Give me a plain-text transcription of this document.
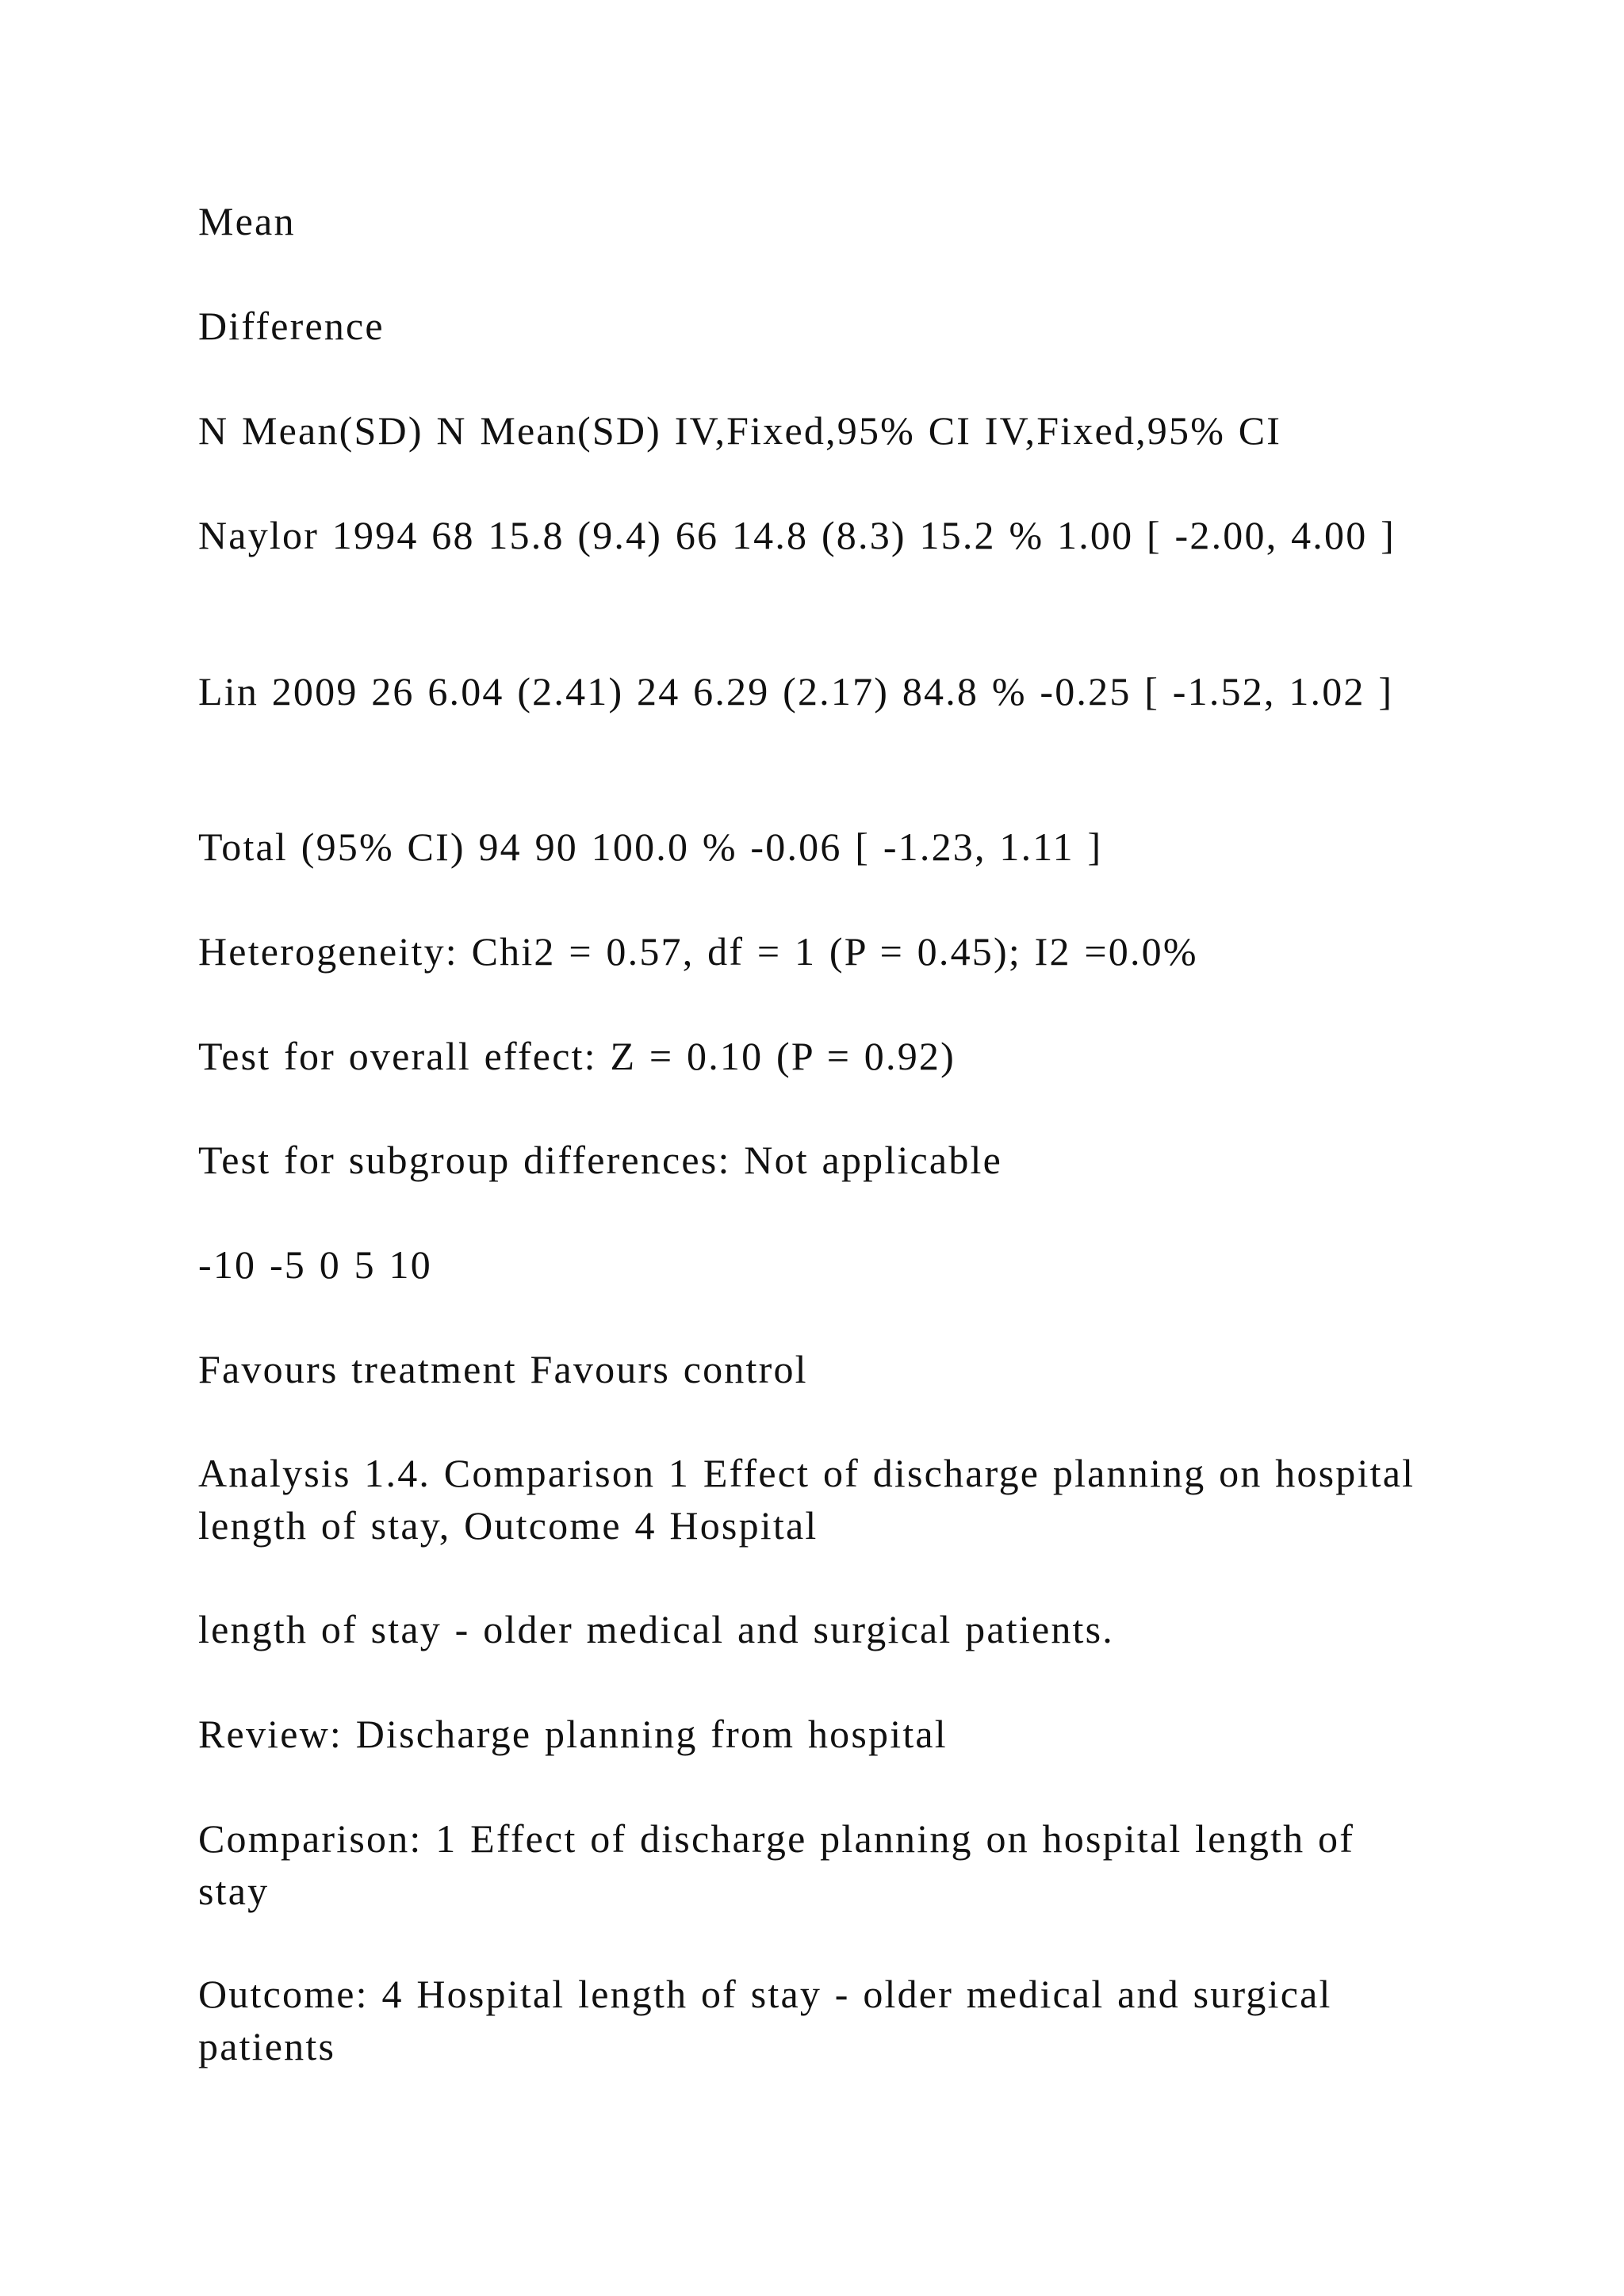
Mean

Difference

N Mean(SD) N Mean(SD) IV,Fixed,95% CI IV,Fixed,95% CI

Naylor 1994 68 15.8 (9.4) 66 14.8 (8.3) 15.2 % 1.00 [ -2.00, 4.00 ]

Lin 2009 26 6.04 (2.41) 24 6.29 (2.17) 84.8 % -0.25 [ -1.52, 1.02 ]

Total (95% CI) 94 90 100.0 % -0.06 [ -1.23, 1.11 ]

Heterogeneity: Chi2 = 0.57, df = 1 (P = 0.45); I2 =0.0%

Test for overall effect: Z = 0.10 (P = 0.92)

Test for subgroup differences: Not applicable

-10 -5 0 5 10

Favours treatment Favours control

Analysis 1.4. Comparison 1 Effect of discharge planning on hospital length of stay, Outcome 4 Hospital

length of stay - older medical and surgical patients.

Review: Discharge planning from hospital

Comparison: 1 Effect of discharge planning on hospital length of stay

Outcome: 4 Hospital length of stay - older medical and surgical patients
